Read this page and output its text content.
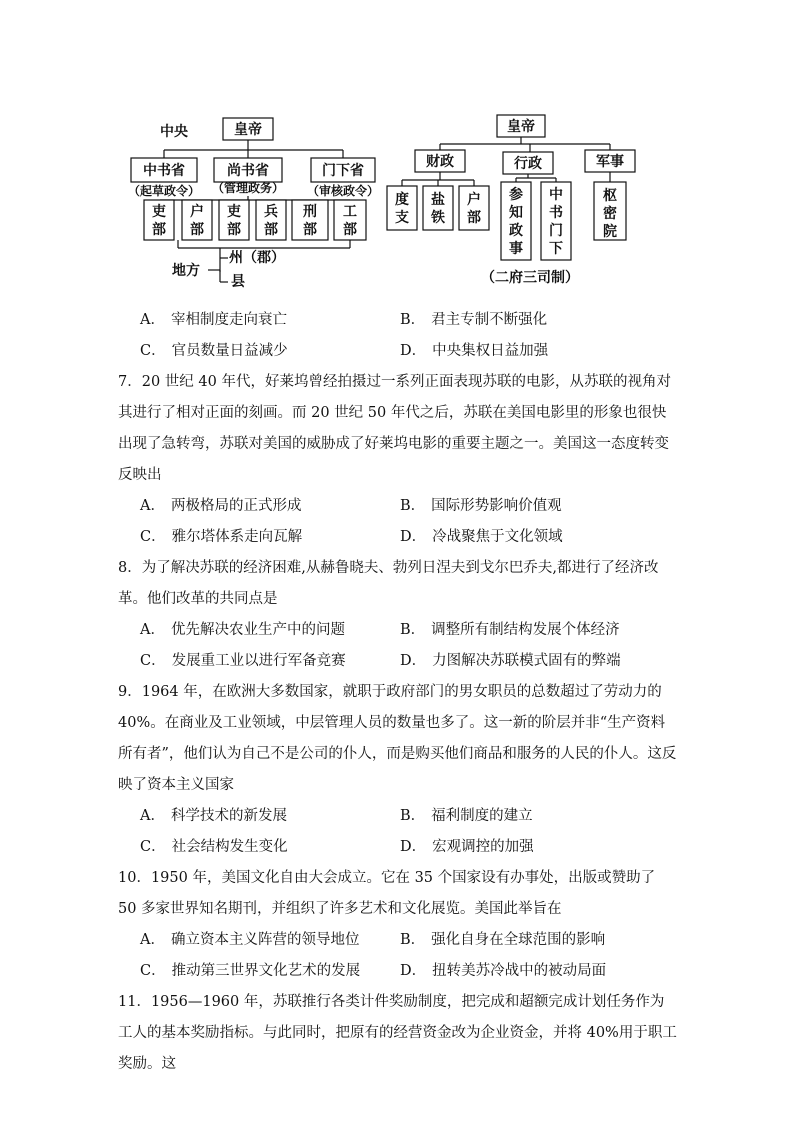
中央	皇帝
中书省	尚书省	门下省
（起草政令） （管理政务） （审核政令）
吏
部
户
部
吏
部
兵
部
刑
部
工
部
地方
州（郡）
县
皇帝
财政	行政	军事
度
支
盐
铁
户
部
参
知
政
事
中
书
门
下
枢
密
院
（二府三司制）
A． 宰相制度走向衰亡	B． 君主专制不断强化
C． 官员数量日益减少	D． 中央集权日益加强
7．20 世纪 40 年代，好莱坞曾经拍摄过一系列正面表现苏联的电影，从苏联的视角对其进行了相对正面的刻画。而 20 世纪 50 年代之后，苏联在美国电影里的形象也很快出现了急转弯，苏联对美国的威胁成了好莱坞电影的重要主题之一。美国这一态度转变反映出
A． 两极格局的正式形成	B． 国际形势影响价值观
C． 雅尔塔体系走向瓦解	D． 冷战聚焦于文化领域
8．为了解决苏联的经济困难,从赫鲁晓夫、勃列日涅夫到戈尔巴乔夫,都进行了经济改革。他们改革的共同点是
A． 优先解决农业生产中的问题	B． 调整所有制结构发展个体经济
C． 发展重工业以进行军备竞赛	D． 力图解决苏联模式固有的弊端
9．1964 年，在欧洲大多数国家，就职于政府部门的男女职员的总数超过了劳动力的 40%。在商业及工业领域，中层管理人员的数量也多了。这一新的阶层并非“生产资料所有者”，他们认为自己不是公司的仆人，而是购买他们商品和服务的人民的仆人。这反映了资本主义国家
A． 科学技术的新发展	B． 福利制度的建立
C． 社会结构发生变化	D． 宏观调控的加强
10．1950 年，美国文化自由大会成立。它在 35 个国家设有办事处，出版或赞助了 50 多家世界知名期刊，并组织了许多艺术和文化展览。美国此举旨在
A． 确立资本主义阵营的领导地位	B． 强化自身在全球范围的影响
C． 推动第三世界文化艺术的发展	D． 扭转美苏冷战中的被动局面
11．1956—1960 年，苏联推行各类计件奖励制度，把完成和超额完成计划任务作为工人的基本奖励指标。与此同时，把原有的经营资金改为企业资金，并将 40%用于职工奖励。这
